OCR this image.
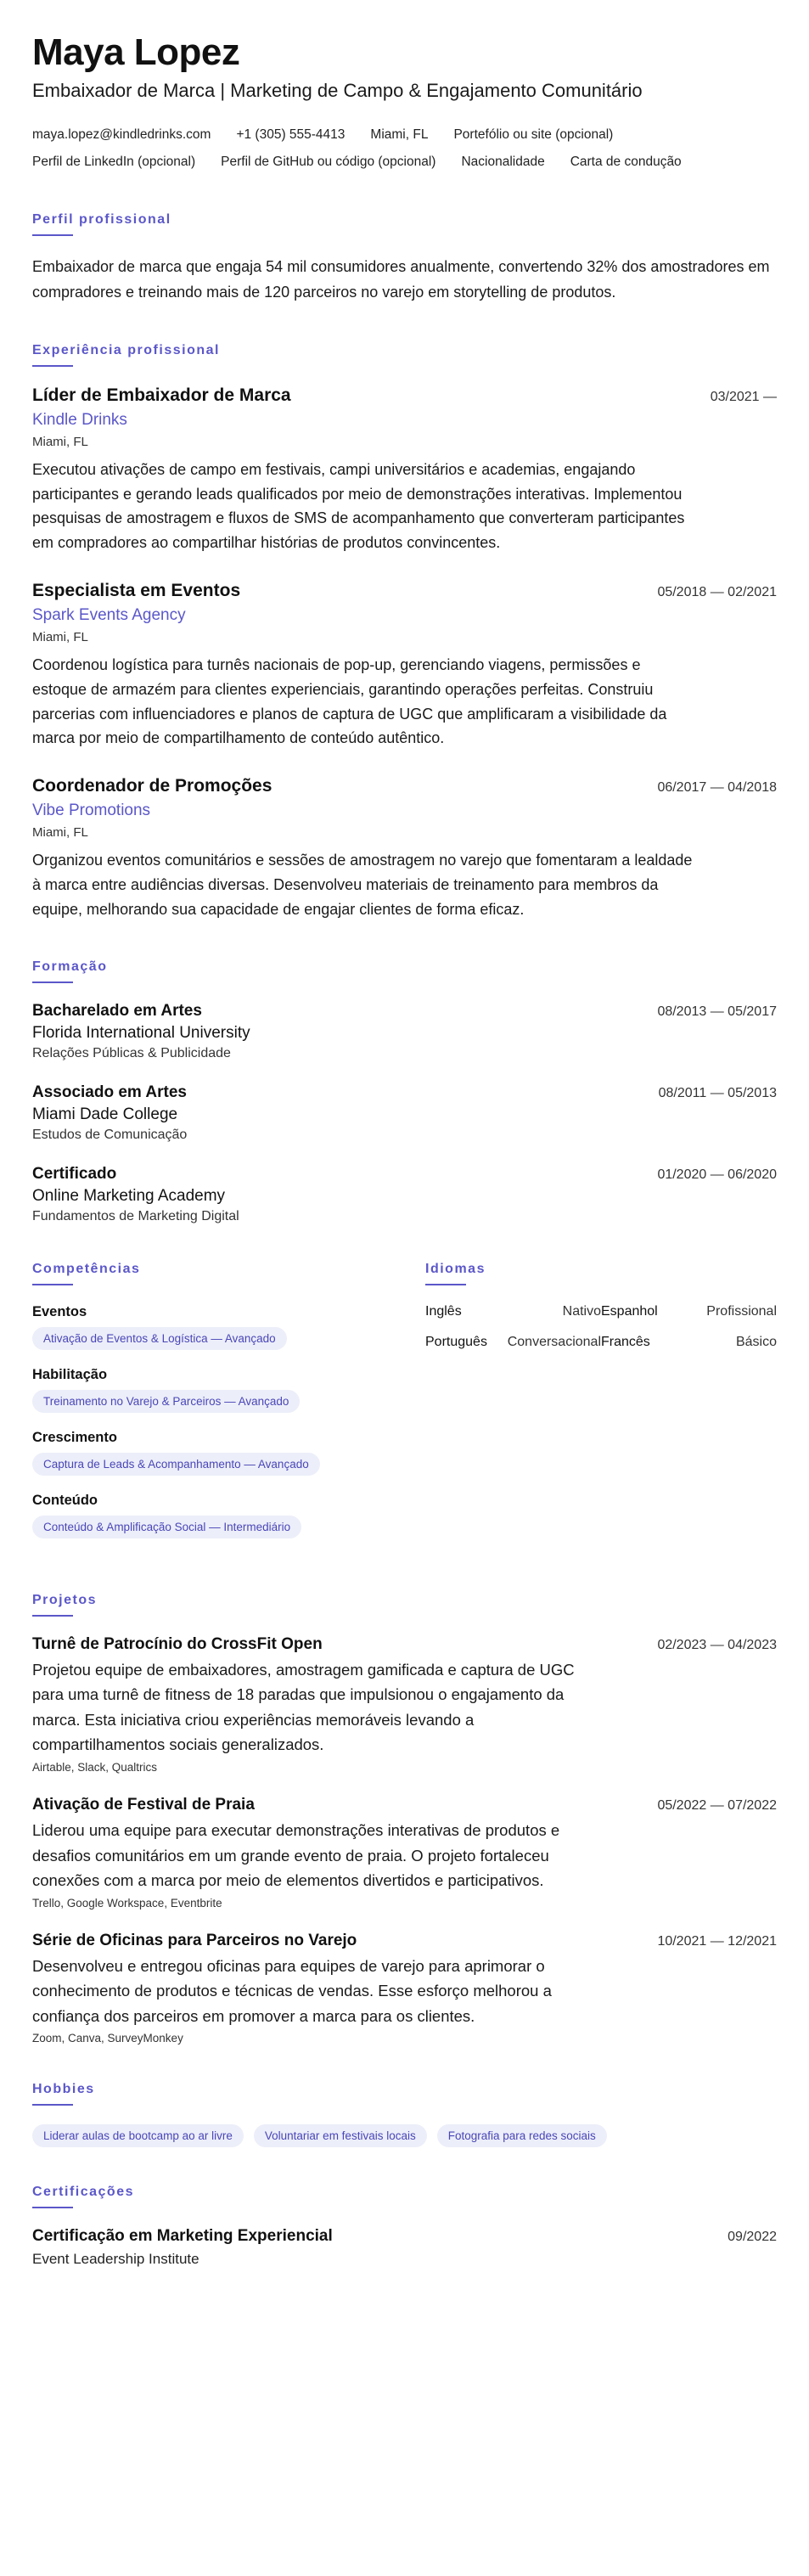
Maya Lopez
Embaixador de Marca | Marketing de Campo & Engajamento Comunitário
maya.lopez@kindledrinks.com +1 (305) 555-4413 Miami, FL Portefólio ou site (opcional)
Perfil de LinkedIn (opcional) Perfil de GitHub ou código (opcional) Nacionalidade Carta de condução
Perfil profissional
Embaixador de marca que engaja 54 mil consumidores anualmente, convertendo 32% dos amostradores em compradores e treinando mais de 120 parceiros no varejo em storytelling de produtos.
Experiência profissional
Líder de Embaixador de Marca	03/2021 —
Kindle Drinks
Miami, FL
Executou ativações de campo em festivais, campi universitários e academias, engajando participantes e gerando leads qualificados por meio de demonstrações interativas. Implementou pesquisas de amostragem e fluxos de SMS de acompanhamento que converteram participantes em compradores ao compartilhar histórias de produtos convincentes.
Especialista em Eventos	05/2018 — 02/2021
Spark Events Agency
Miami, FL
Coordenou logística para turnês nacionais de pop-up, gerenciando viagens, permissões e estoque de armazém para clientes experienciais, garantindo operações perfeitas. Construiu parcerias com influenciadores e planos de captura de UGC que amplificaram a visibilidade da marca por meio de compartilhamento de conteúdo autêntico.
Coordenador de Promoções	06/2017 — 04/2018
Vibe Promotions
Miami, FL
Organizou eventos comunitários e sessões de amostragem no varejo que fomentaram a lealdade à marca entre audiências diversas. Desenvolveu materiais de treinamento para membros da equipe, melhorando sua capacidade de engajar clientes de forma eficaz.
Formação
Bacharelado em Artes	08/2013 — 05/2017
Florida International University
Relações Públicas & Publicidade
Associado em Artes	08/2011 — 05/2013
Miami Dade College
Estudos de Comunicação
Certificado	01/2020 — 06/2020
Online Marketing Academy
Fundamentos de Marketing Digital
Competências
Eventos
Ativação de Eventos & Logística — Avançado
Habilitação
Treinamento no Varejo & Parceiros — Avançado
Crescimento
Captura de Leads & Acompanhamento — Avançado
Conteúdo
Conteúdo & Amplificação Social — Intermediário
Idiomas
Inglês	Nativo Espanhol	Profissional
Português	Conversacional Francês	Básico
Projetos
Turnê de Patrocínio do CrossFit Open	02/2023 — 04/2023
Projetou equipe de embaixadores, amostragem gamificada e captura de UGC para uma turnê de fitness de 18 paradas que impulsionou o engajamento da marca. Esta iniciativa criou experiências memoráveis levando a compartilhamentos sociais generalizados.
Airtable, Slack, Qualtrics
Ativação de Festival de Praia	05/2022 — 07/2022
Liderou uma equipe para executar demonstrações interativas de produtos e desafios comunitários em um grande evento de praia. O projeto fortaleceu conexões com a marca por meio de elementos divertidos e participativos.
Trello, Google Workspace, Eventbrite
Série de Oficinas para Parceiros no Varejo	10/2021 — 12/2021
Desenvolveu e entregou oficinas para equipes de varejo para aprimorar o conhecimento de produtos e técnicas de vendas. Esse esforço melhorou a confiança dos parceiros em promover a marca para os clientes.
Zoom, Canva, SurveyMonkey
Hobbies
Liderar aulas de bootcamp ao ar livre	Voluntariar em festivais locais	Fotografia para redes sociais
Certificações
Certificação em Marketing Experiencial	09/2022
Event Leadership Institute
